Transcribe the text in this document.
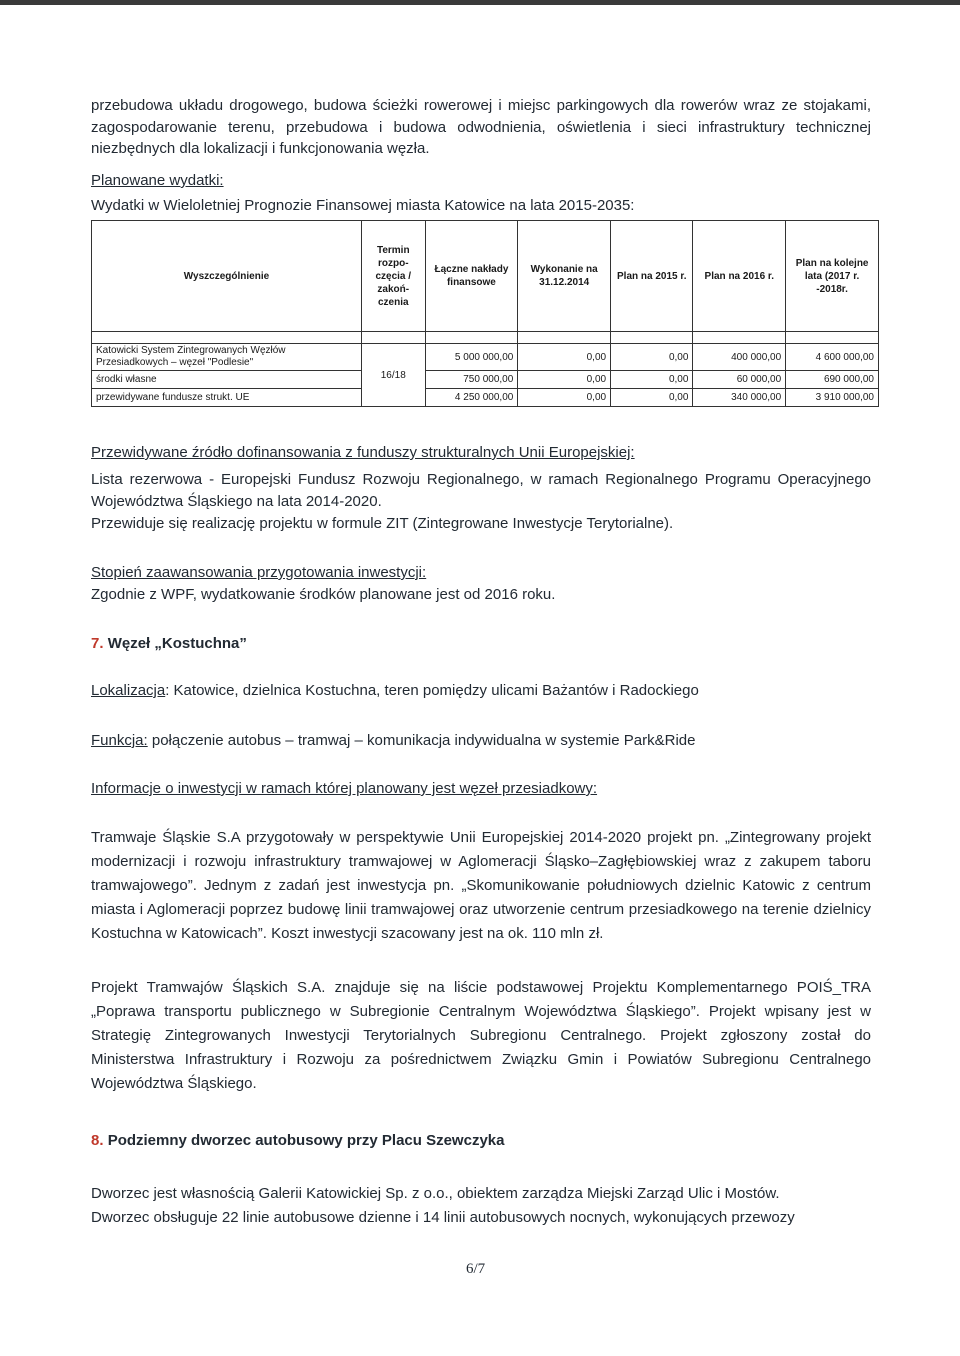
przebudowa układu drogowego, budowa ścieżki rowerowej i miejsc parkingowych dla rowerów wraz ze stojakami, zagospodarowanie terenu, przebudowa i budowa odwodnienia, oświetlenia i sieci infrastruktury technicznej niezbędnych dla lokalizacji i funkcjonowania węzła.
Planowane wydatki:
Wydatki w Wieloletniej Prognozie Finansowej miasta Katowice na lata 2015-2035:
Wyszczególnienie	Termin rozpo-częcia / zakoń-czenia	Łączne nakłady finansowe	Wykonanie na 31.12.2014	Plan na 2015 r.	Plan na 2016 r.	Plan na kolejne lata (2017 r. -2018r.

Katowicki System Zintegrowanych Węzłów Przesiadkowych – węzeł "Podlesie"	16/18	5 000 000,00	0,00	0,00	400 000,00	4 600 000,00
środki własne		750 000,00	0,00	0,00	60 000,00	690 000,00
przewidywane fundusze strukt. UE		4 250 000,00	0,00	0,00	340 000,00	3 910 000,00
Przewidywane źródło dofinansowania z funduszy strukturalnych Unii Europejskiej:
Lista rezerwowa - Europejski Fundusz Rozwoju Regionalnego, w ramach Regionalnego Programu Operacyjnego Województwa Śląskiego na lata 2014-2020.
Przewiduje się realizację projektu w formule ZIT (Zintegrowane Inwestycje Terytorialne).
Stopień zaawansowania przygotowania inwestycji:
Zgodnie z WPF, wydatkowanie środków planowane jest od 2016 roku.
7. Węzeł „Kostuchna”
Lokalizacja: Katowice, dzielnica Kostuchna, teren pomiędzy ulicami Bażantów i Radockiego
Funkcja: połączenie autobus – tramwaj – komunikacja indywidualna w systemie Park&Ride
Informacje o inwestycji w ramach której planowany jest węzeł przesiadkowy:
Tramwaje Śląskie S.A przygotowały w perspektywie Unii Europejskiej 2014-2020 projekt pn. „Zintegrowany projekt modernizacji i rozwoju infrastruktury tramwajowej w Aglomeracji Śląsko–Zagłębiowskiej wraz z zakupem taboru tramwajowego”. Jednym z zadań jest inwestycja pn. „Skomunikowanie południowych dzielnic Katowic z centrum miasta i Aglomeracji poprzez budowę linii tramwajowej oraz utworzenie centrum przesiadkowego na terenie dzielnicy Kostuchna w Katowicach”. Koszt inwestycji szacowany jest na ok. 110 mln zł.
Projekt Tramwajów Śląskich S.A. znajduje się na liście podstawowej Projektu Komplementarnego POIŚ_TRA „Poprawa transportu publicznego w Subregionie Centralnym Województwa Śląskiego”. Projekt wpisany jest w Strategię Zintegrowanych Inwestycji Terytorialnych Subregionu Centralnego. Projekt zgłoszony został do Ministerstwa Infrastruktury i Rozwoju za pośrednictwem Związku Gmin i Powiatów Subregionu Centralnego Województwa Śląskiego.
8. Podziemny dworzec autobusowy przy Placu Szewczyka
Dworzec jest własnością Galerii Katowickiej Sp. z o.o., obiektem zarządza Miejski Zarząd Ulic i Mostów.
Dworzec obsługuje 22 linie autobusowe dzienne i 14 linii autobusowych nocnych, wykonujących przewozy
6/7
